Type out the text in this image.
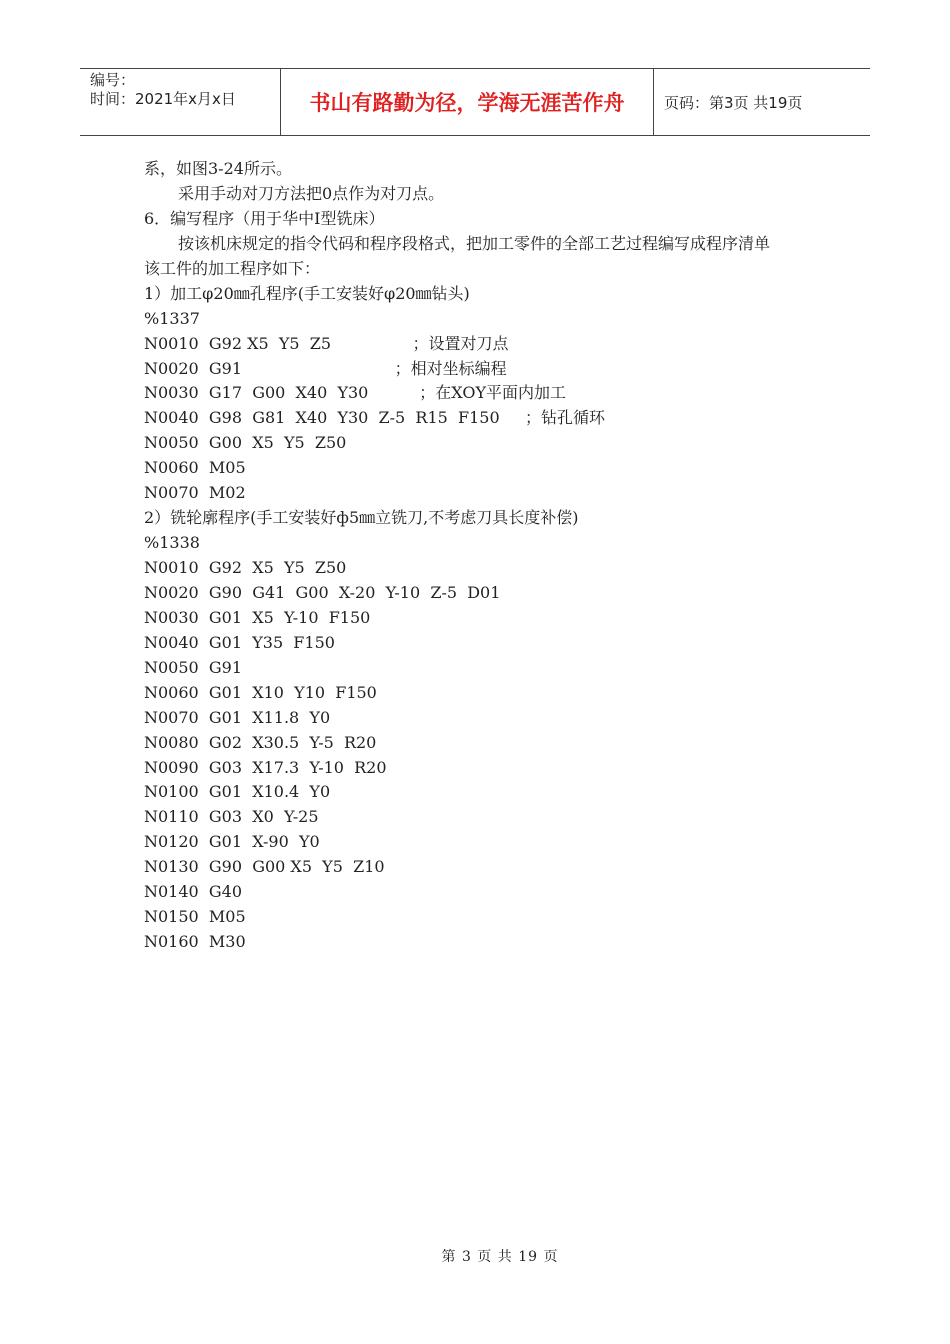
编号：
时间：2021年x月x日	书山有路勤为径，学海无涯苦作舟	页码：第3页 共19页
系，如图3-24所示。
采用手动对刀方法把0点作为对刀点。
6．编写程序（用于华中I型铣床）
按该机床规定的指令代码和程序段格式，把加工零件的全部工艺过程编写成程序清单
该工件的加工程序如下：
1）加工φ20㎜孔程序(手工安装好φ20㎜钻头)
%1337
N0010  G92 X5  Y5  Z5                ；设置对刀点
N0020  G91                              ；相对坐标编程
N0030  G17  G00  X40  Y30          ；在XOY平面内加工
N0040  G98  G81  X40  Y30  Z-5  R15  F150     ；钻孔循环
N0050  G00  X5  Y5  Z50
N0060  M05
N0070  M02
2）铣轮廓程序(手工安装好ф5㎜立铣刀,不考虑刀具长度补偿)
%1338
N0010  G92  X5  Y5  Z50
N0020  G90  G41  G00  X-20  Y-10  Z-5  D01
N0030  G01  X5  Y-10  F150
N0040  G01  Y35  F150
N0050  G91
N0060  G01  X10  Y10  F150
N0070  G01  X11.8  Y0
N0080  G02  X30.5  Y-5  R20
N0090  G03  X17.3  Y-10  R20
N0100  G01  X10.4  Y0
N0110  G03  X0  Y-25
N0120  G01  X-90  Y0
N0130  G90  G00 X5  Y5  Z10
N0140  G40
N0150  M05
N0160  M30
第 3 页 共 19 页
